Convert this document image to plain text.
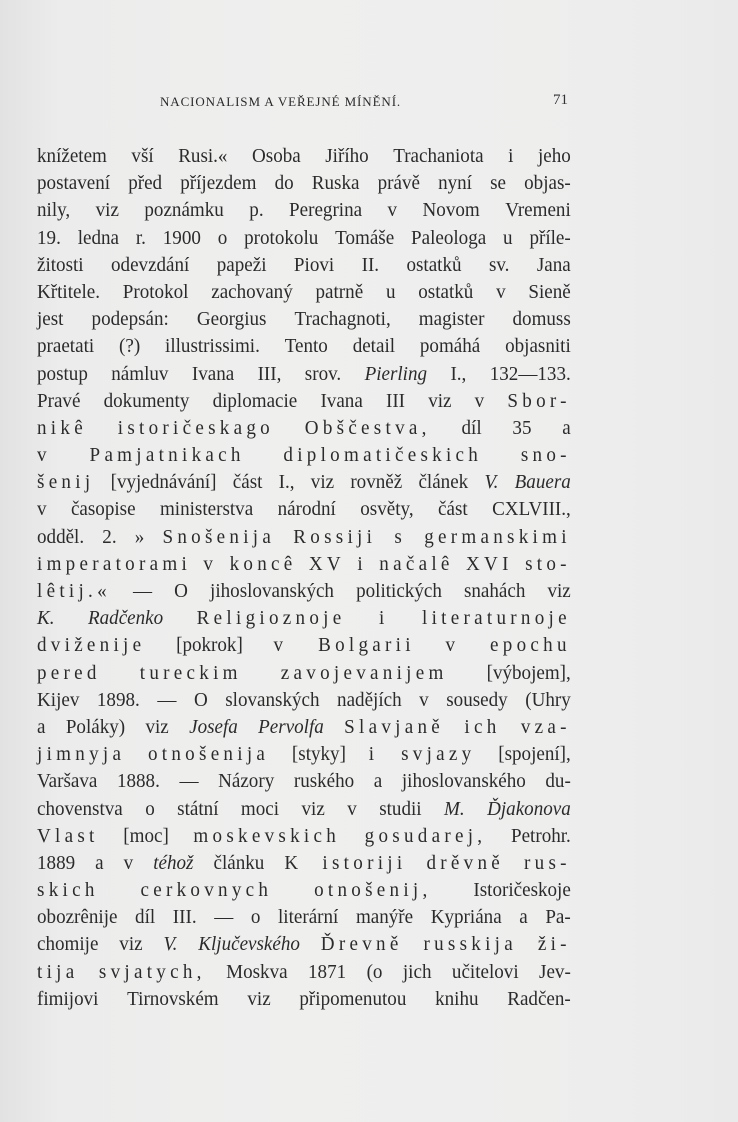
NACIONALISM A VEŘEJNÉ MÍNĚNÍ.	71
knížetem vší Rusi.« Osoba Jiřího Trachaniota i jeho
postavení před příjezdem do Ruska právě nyní se objas-
nily, viz poznámku p. Peregrina v Novom Vremeni
19. ledna r. 1900 o protokolu Tomáše Paleologa u příle-
žitosti odevzdání papeži Piovi II. ostatků sv. Jana
Křtitele. Protokol zachovaný patrně u ostatků v Sieně
jest podepsán: Georgius Trachagnoti, magister domuss
praetati (?) illustrissimi. Tento detail pomáhá objasniti
postup námluv Ivana III, srov. Pierling I., 132—133.
Pravé dokumenty diplomacie Ivana III viz v Sbor-
nikê istoričeskago Obščestva, díl 35 a
v Pamjatnikach diplomatičeskich sno-
šenij [vyjednávání] část I., viz rovněž článek V. Bauera
v časopise ministerstva národní osvěty, část CXLVIII.,
odděl. 2. » Snošenija Rossiji s germanskimi
imperatorami v koncê XV i načalê XVI sto-
lêtij.« — O jihoslovanských politických snahách viz
K. Radčenko Religioznoje i literaturnoje
dviženije [pokrok] v Bolgarii v epochu
pered tureckim zavojevanijem [výbojem],
Kijev 1898. — O slovanských nadějích v sousedy (Uhry
a Poláky) viz Josefa Pervolfa Slavjaně ich vza-
jimnyja otnošenija [styky] i svjazy [spojení],
Varšava 1888. — Názory ruského a jihoslovanského du-
chovenstva o státní moci viz v studii M. Ďjakonova
Vlast [moc] moskevskich gosudarej, Petrohr.
1889 a v téhož článku K istoriji drěvně rus-
skich cerkovnych otnošenij, Istoričeskoje
obozrênije díl III. — o literární manýře Kypriána a Pa-
chomije viz V. Ključevského Ďrevně russkija ži-
tija svjatych, Moskva 1871 (o jich učitelovi Jev-
fimijovi Tirnovském viz připomenutou knihu Radčen-
